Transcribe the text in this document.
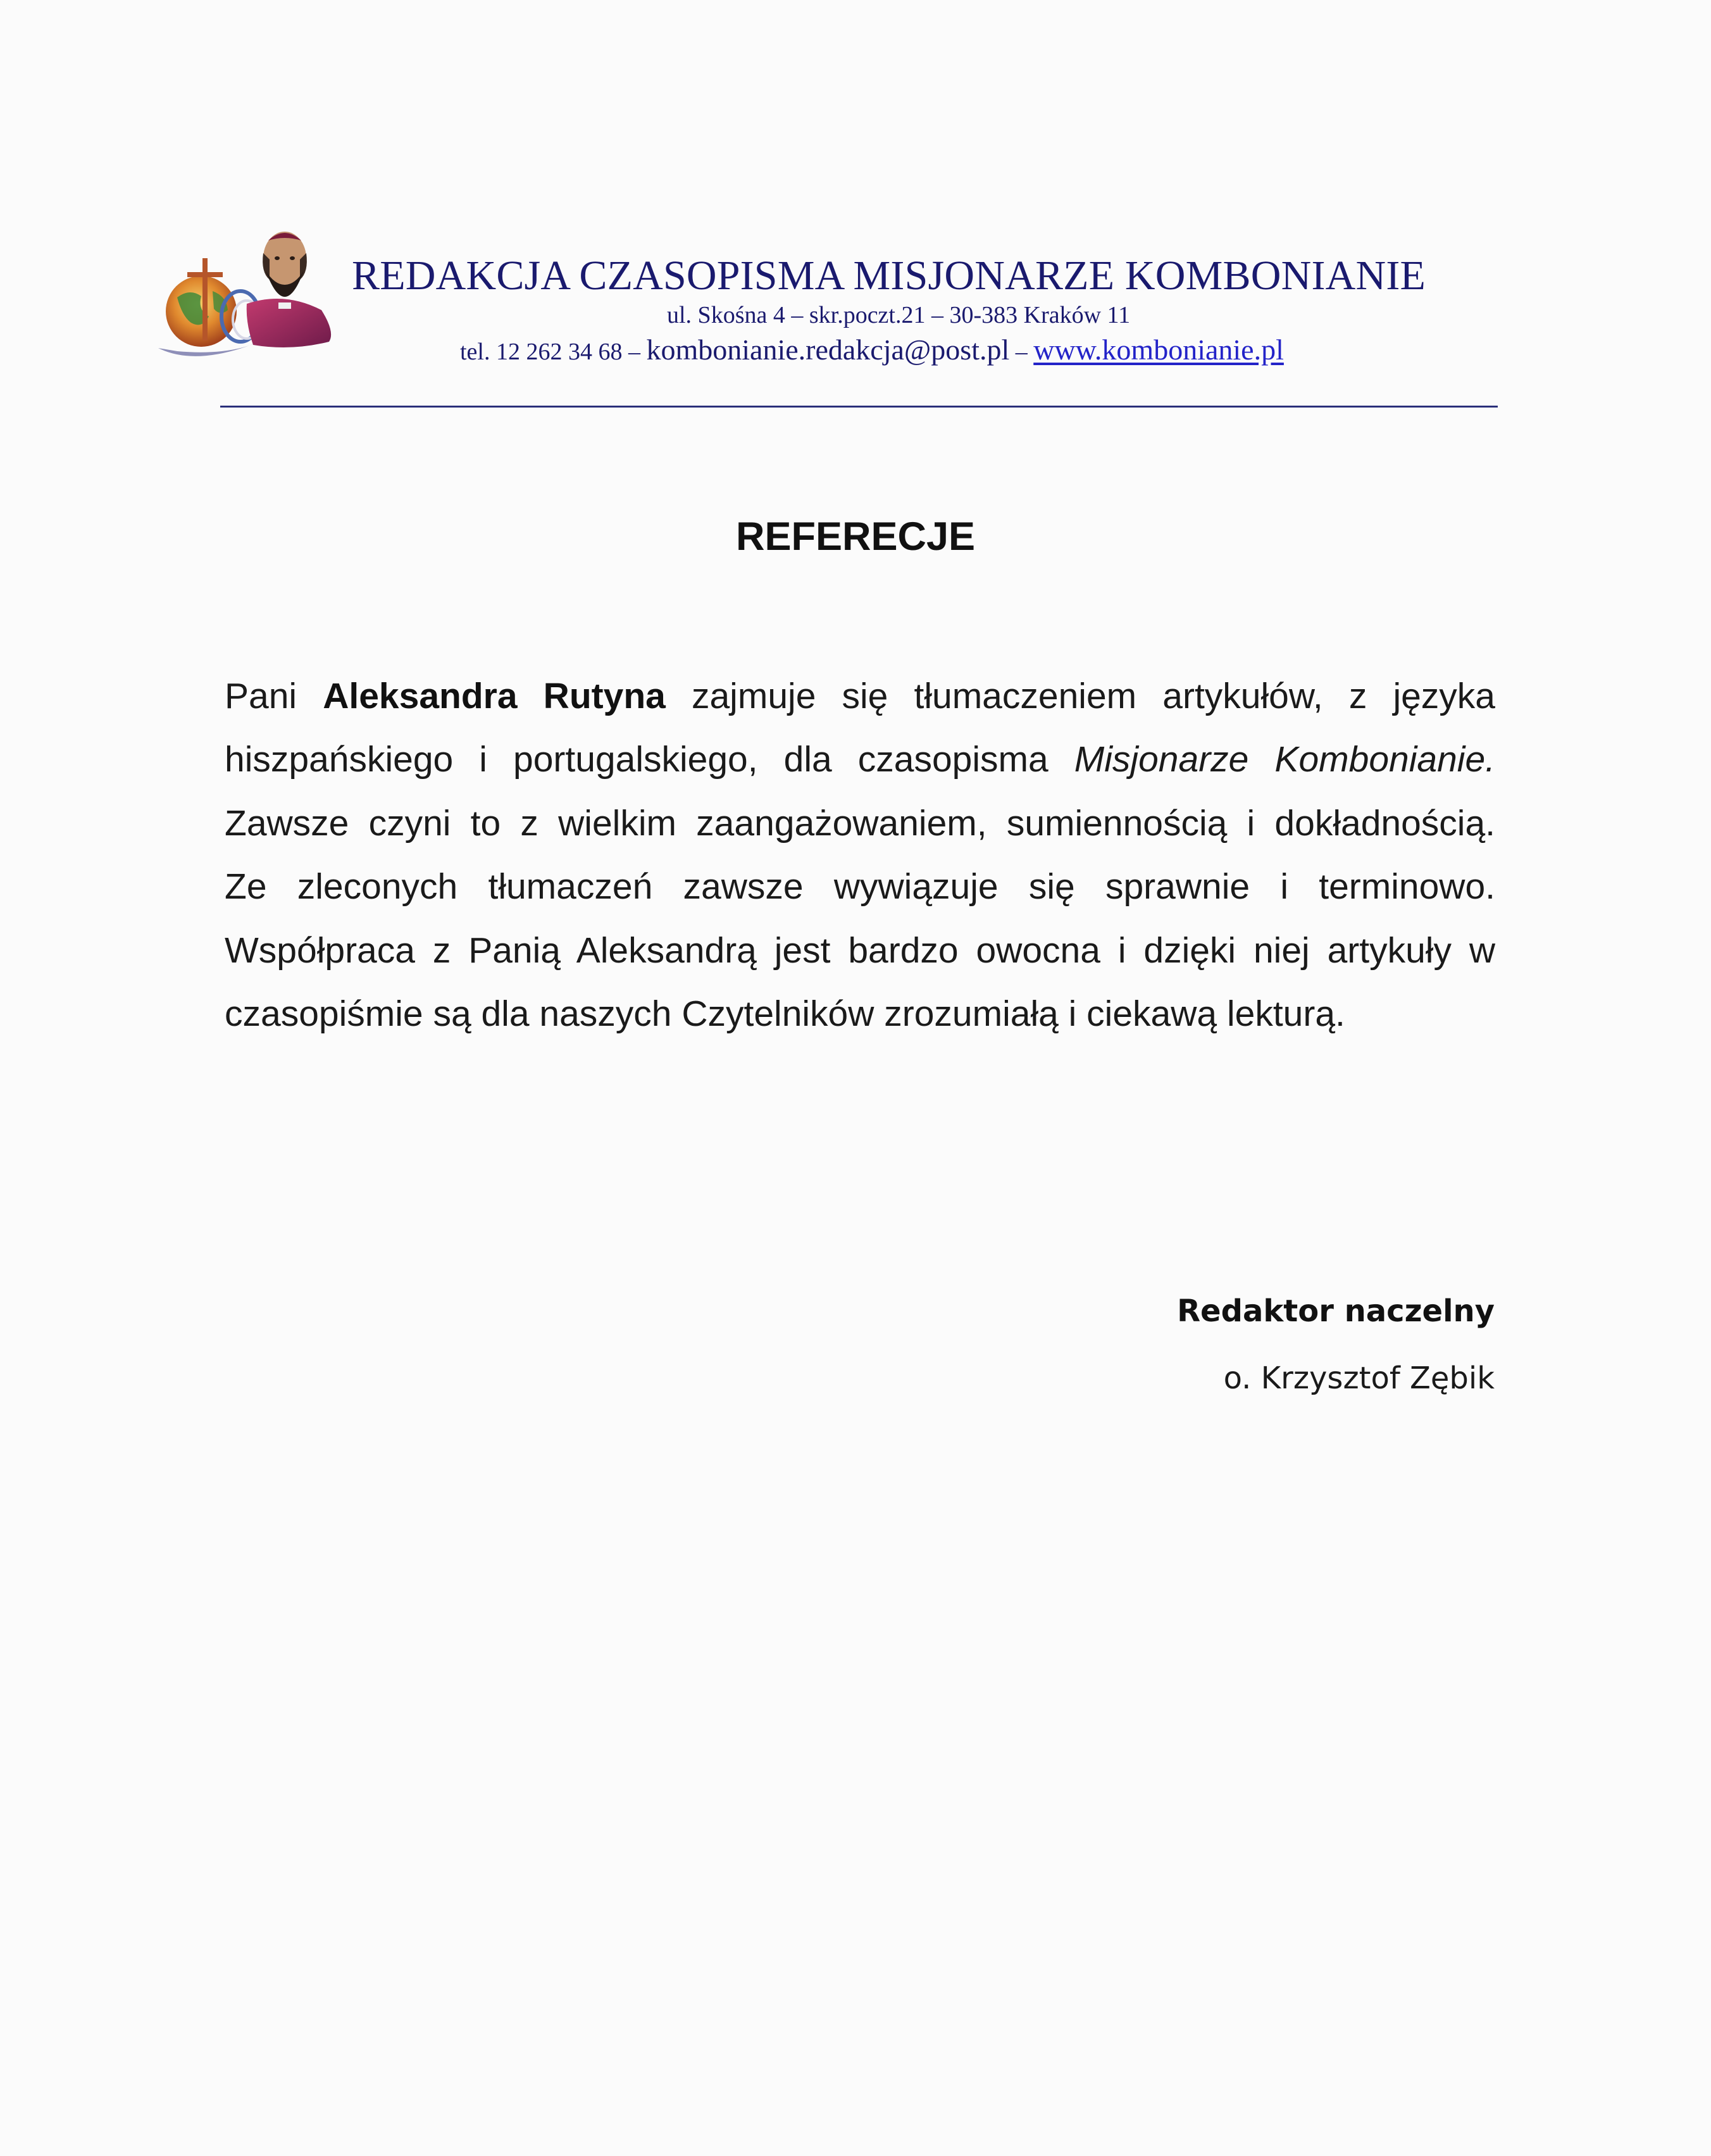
REDAKCJA CZASOPISMA MISJONARZE KOMBONIANIE
ul. Skośna 4 – skr.poczt.21 – 30-383 Kraków 11
tel. 12 262 34 68 – kombonianie.redakcja@post.pl – www.kombonianie.pl
REFERECJE
Pani Aleksandra Rutyna zajmuje się tłumaczeniem artykułów, z języka
hiszpańskiego i portugalskiego, dla czasopisma Misjonarze Kombonianie.
Zawsze czyni to z wielkim zaangażowaniem, sumiennością i dokładnością.
Ze zleconych tłumaczeń zawsze wywiązuje się sprawnie i terminowo.
Współpraca z Panią Aleksandrą jest bardzo owocna i dzięki niej artykuły w
czasopiśmie są dla naszych Czytelników zrozumiałą i ciekawą lekturą.
Redaktor naczelny
o. Krzysztof Zębik
